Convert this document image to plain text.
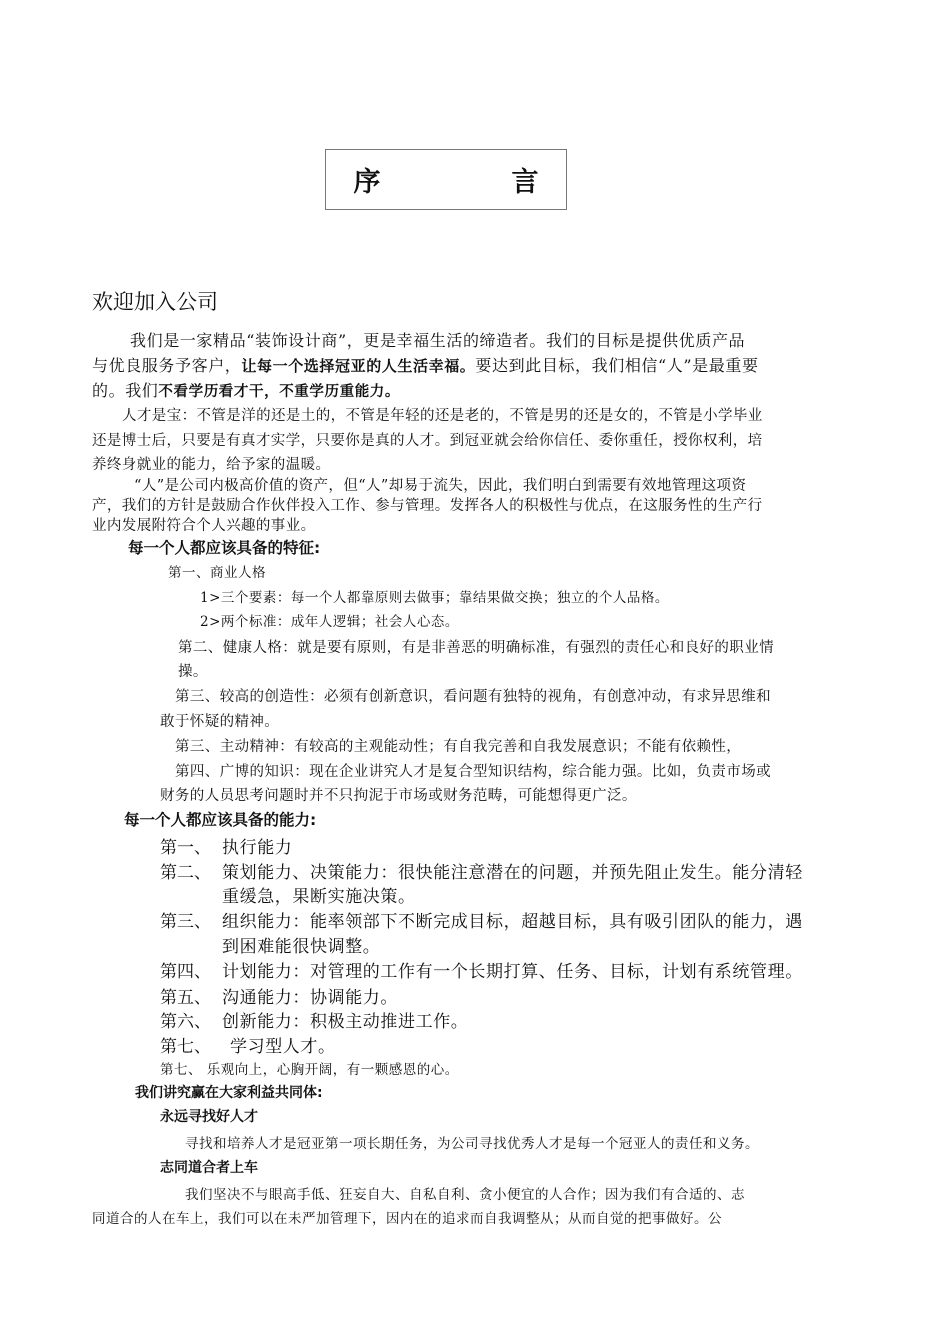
序　言
欢迎加入公司
我们是一家精品“装饰设计商”，更是幸福生活的缔造者。我们的目标是提供优质产品
与优良服务予客户，让每一个选择冠亚的人生活幸福。要达到此目标，我们相信“人”是最重要
的。我们不看学历看才干，不重学历重能力。
人才是宝：不管是洋的还是土的，不管是年轻的还是老的，不管是男的还是女的，不管是小学毕业
还是博士后，只要是有真才实学，只要你是真的人才。到冠亚就会给你信任、委你重任，授你权利，培
养终身就业的能力，给予家的温暖。
“人”是公司内极高价值的资产，但“人”却易于流失，因此，我们明白到需要有效地管理这项资
产，我们的方针是鼓励合作伙伴投入工作、参与管理。发挥各人的积极性与优点，在这服务性的生产行
业内发展附符合个人兴趣的事业。
每一个人都应该具备的特征:
第一、商业人格
1>三个要素：每一个人都靠原则去做事；靠结果做交换；独立的个人品格。
2>两个标准：成年人逻辑；社会人心态。
第二、健康人格：就是要有原则，有是非善恶的明确标准，有强烈的责任心和良好的职业情
操。
第三、较高的创造性：必须有创新意识，看问题有独特的视角，有创意冲动，有求异思维和
敢于怀疑的精神。
第三、主动精神：有较高的主观能动性；有自我完善和自我发展意识；不能有依赖性，
第四、广博的知识：现在企业讲究人才是复合型知识结构，综合能力强。比如，负责市场或
财务的人员思考问题时并不只拘泥于市场或财务范畴，可能想得更广泛。
每一个人都应该具备的能力:
第一、 执行能力
第二、 策划能力、决策能力：很快能注意潜在的问题，并预先阻止发生。能分清轻
重缓急，果断实施决策。
第三、 组织能力：能率领部下不断完成目标，超越目标，具有吸引团队的能力，遇
到困难能很快调整。
第四、 计划能力：对管理的工作有一个长期打算、任务、目标，计划有系统管理。
第五、 沟通能力：协调能力。
第六、 创新能力：积极主动推进工作。
第七、 学习型人才。
第七、 乐观向上，心胸开阔，有一颗感恩的心。
我们讲究赢在大家利益共同体:
永远寻找好人才
寻找和培养人才是冠亚第一项长期任务，为公司寻找优秀人才是每一个冠亚人的责任和义务。
志同道合者上车
我们坚决不与眼高手低、狂妄自大、自私自利、贪小便宜的人合作；因为我们有合适的、志
同道合的人在车上，我们可以在未严加管理下，因内在的追求而自我调整从；从而自觉的把事做好。公
